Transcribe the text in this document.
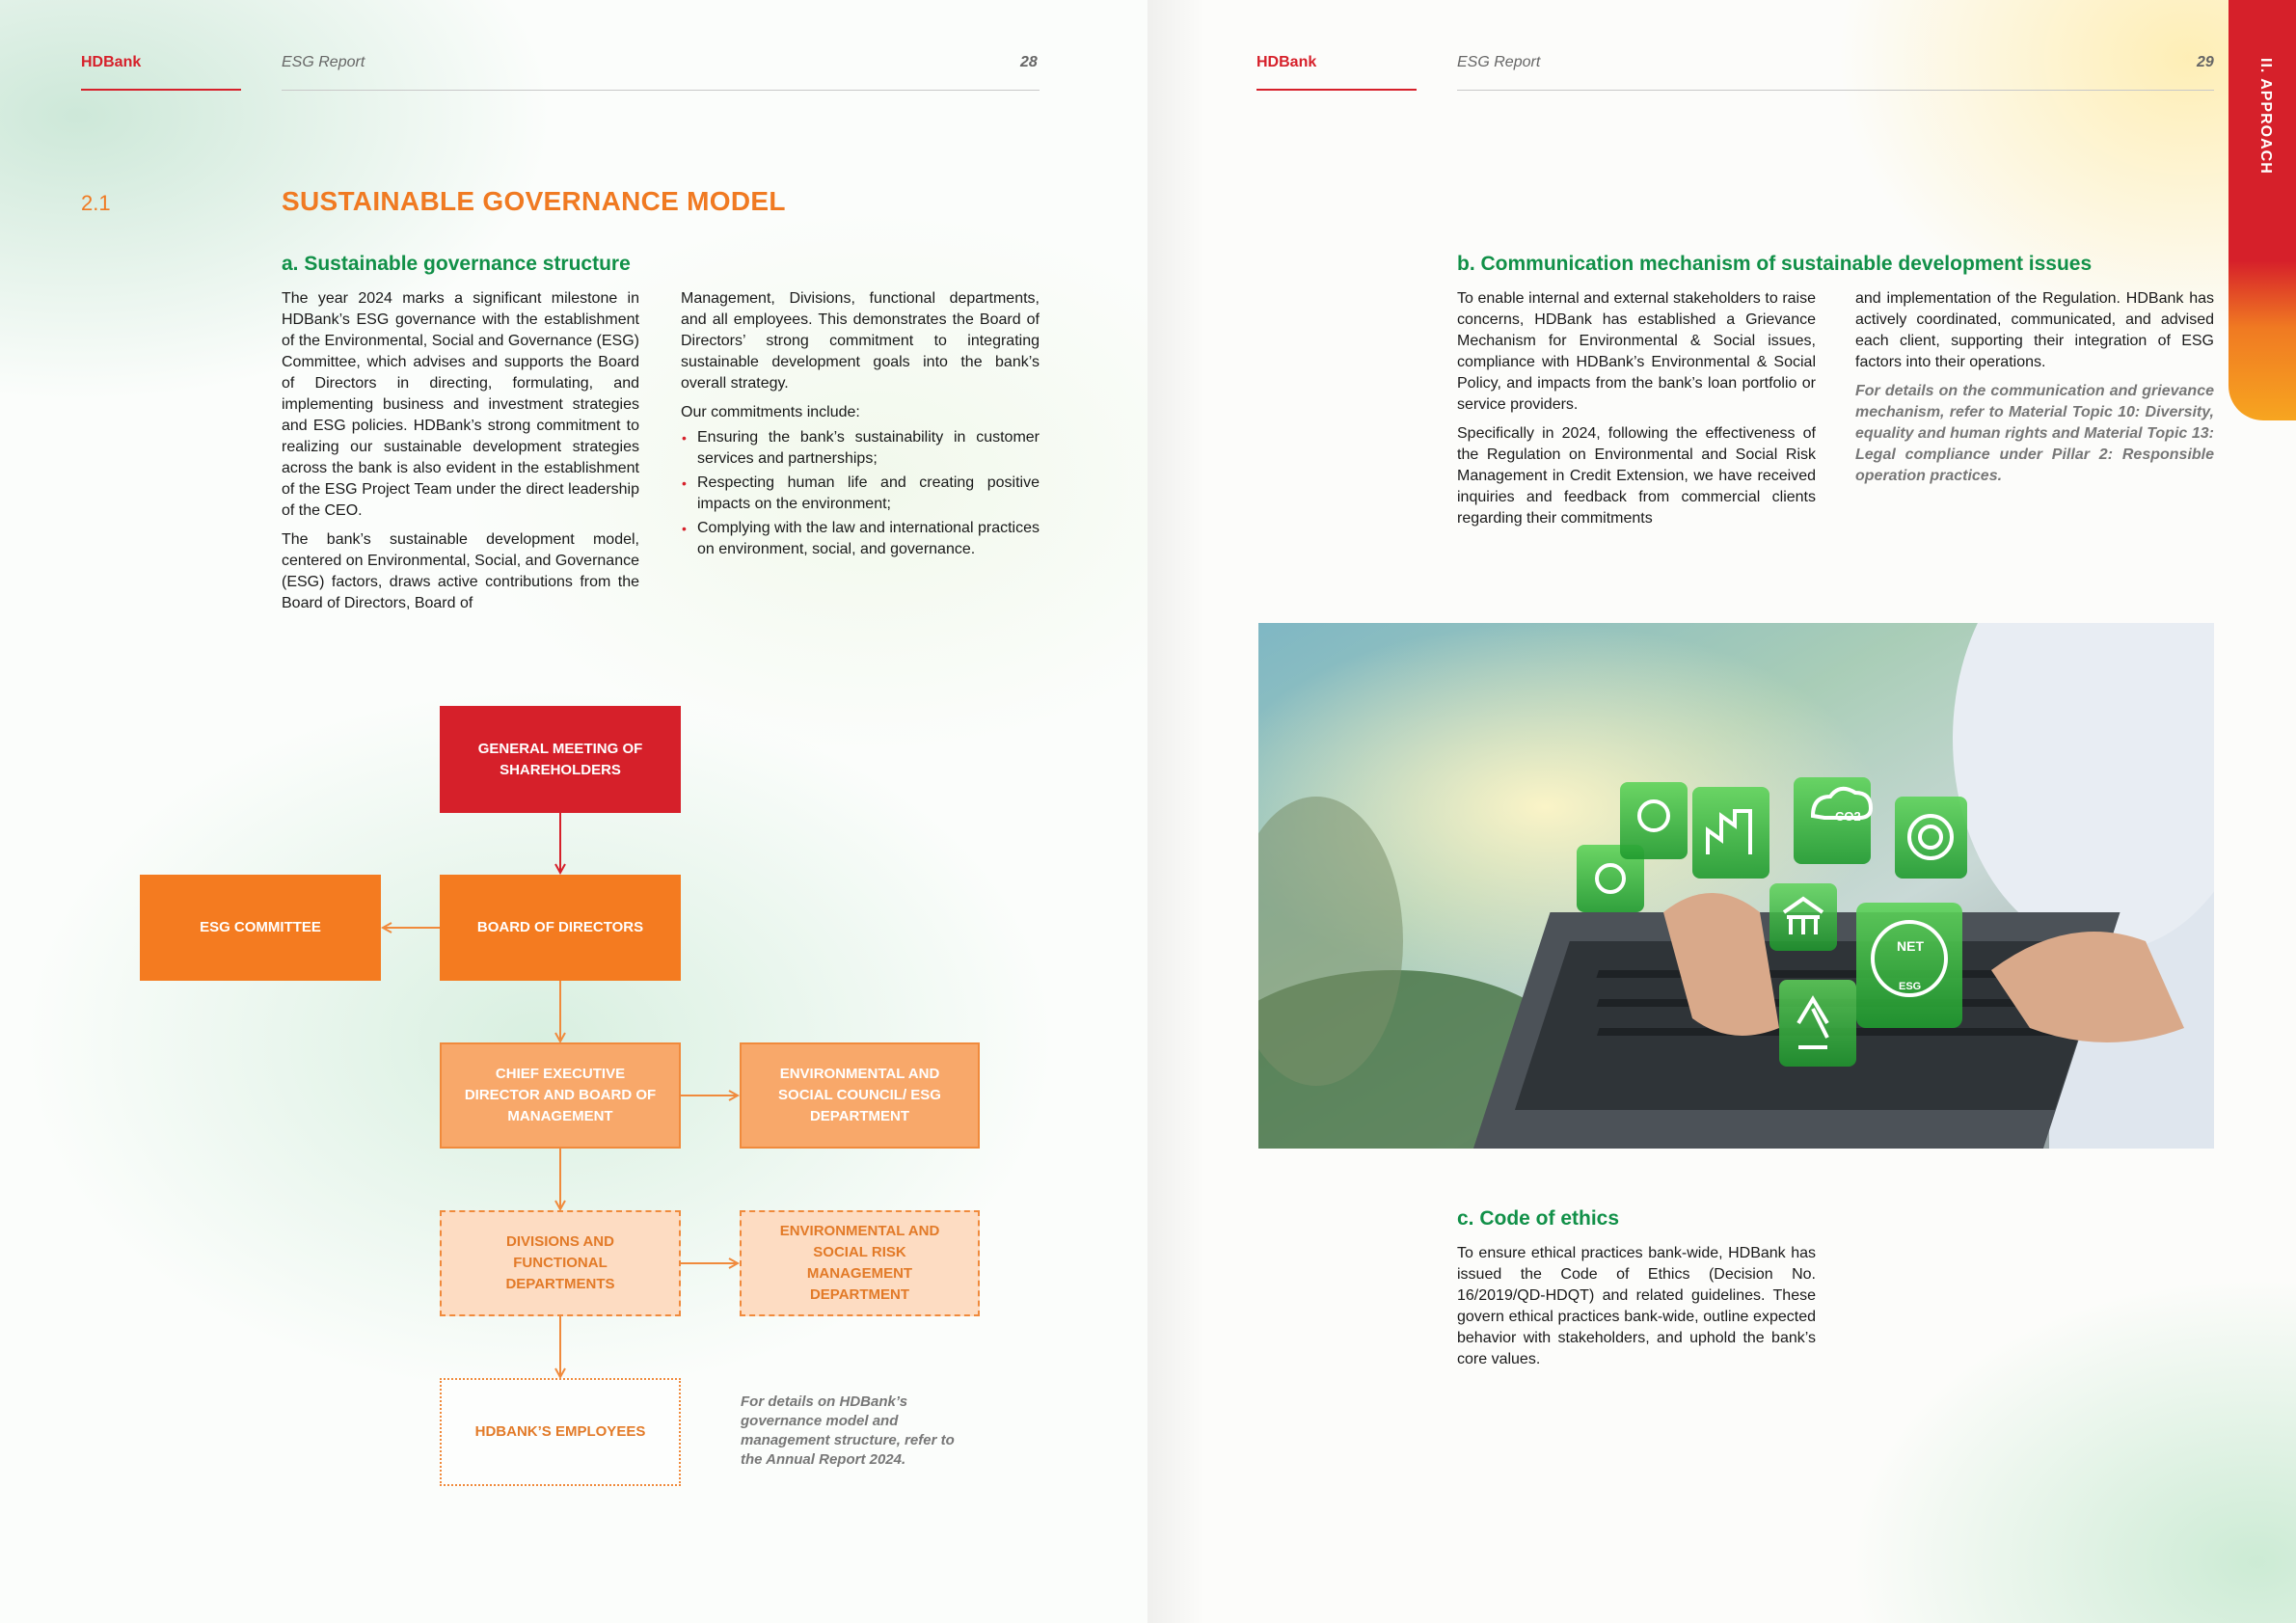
HDBank	ESG Report	28
2.1	SUSTAINABLE GOVERNANCE MODEL
a. Sustainable governance structure

The year 2024 marks a significant milestone in HDBank’s ESG governance with the establishment of the Environmental, Social and Governance (ESG) Committee, which advises and supports the Board of Directors in directing, formulating, and implementing business and investment strategies and ESG policies. HDBank’s strong commitment to realizing our sustainable development strategies across the bank is also evident in the establishment of the ESG Project Team under the direct leadership of the CEO.

The bank’s sustainable development model, centered on Environmental, Social, and Governance (ESG) factors, draws active contributions from the Board of Directors, Board of

Management, Divisions, functional departments, and all employees. This demonstrates the Board of Directors’ strong commitment to integrating sustainable development goals into the bank’s overall strategy.

Our commitments include:

• Ensuring the bank’s sustainability in customer services and partnerships;
• Respecting human life and creating positive impacts on the environment;
• Complying with the law and international practices on environment, social, and governance.
GENERAL MEETING OF SHAREHOLDERS
ESG COMMITTEE	BOARD OF DIRECTORS
CHIEF EXECUTIVE DIRECTOR AND BOARD OF MANAGEMENT
ENVIRONMENTAL AND SOCIAL COUNCIL/ ESG DEPARTMENT
DIVISIONS AND FUNCTIONAL DEPARTMENTS
ENVIRONMENTAL AND SOCIAL RISK MANAGEMENT DEPARTMENT
HDBANK’S EMPLOYEES
For details on HDBank’s governance model and management structure, refer to the Annual Report 2024.
HDBank	ESG Report	29	II. APPROACH
b. Communication mechanism of sustainable development issues

To enable internal and external stakeholders to raise concerns, HDBank has established a Grievance Mechanism for Environmental & Social issues, compliance with HDBank’s Environmental & Social Policy, and impacts from the bank’s loan portfolio or service providers.

Specifically in 2024, following the effectiveness of the Regulation on Environmental and Social Risk Management in Credit Extension, we have received inquiries and feedback from commercial clients regarding their commitments

and implementation of the Regulation. HDBank has actively coordinated, communicated, and advised each client, supporting their integration of ESG factors into their operations.

For details on the communication and grievance mechanism, refer to Material Topic 10: Diversity, equality and human rights and Material Topic 13: Legal compliance under Pillar 2: Responsible operation practices.

c. Code of ethics

To ensure ethical practices bank-wide, HDBank has issued the Code of Ethics (Decision No. 16/2019/QD-HDQT) and related guidelines. These govern ethical practices bank-wide, outline expected behavior with stakeholders, and uphold the bank’s core values.

CO2
NET
ESG
